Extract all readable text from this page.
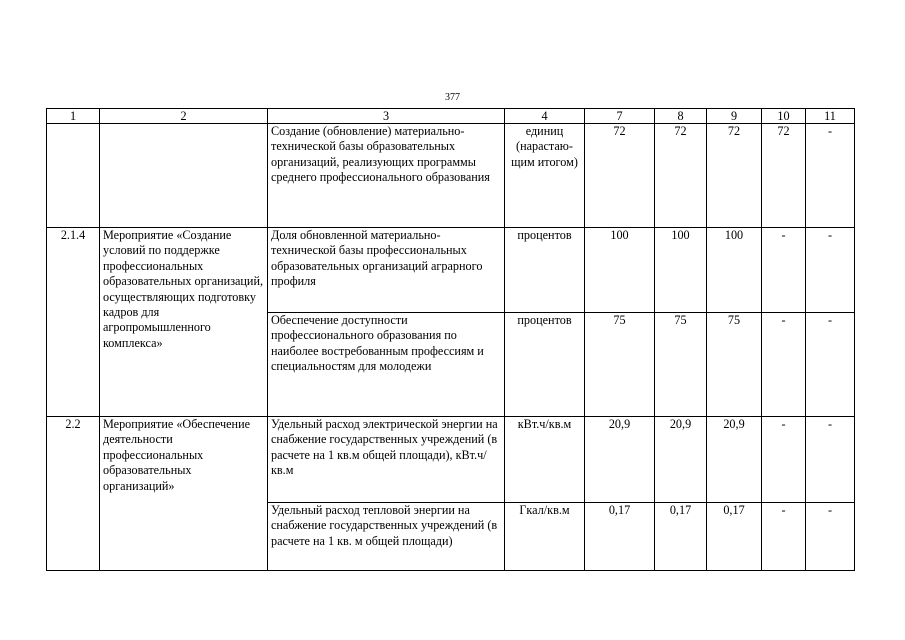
377
1	2	3	4	7	8	9	10	11
		Создание (обновление) материально-технической базы образовательных организаций, реализующих программы среднего профессионального образования	единиц (нарастаю-щим итогом)	72	72	72	72	-
2.1.4	Мероприятие «Создание условий по поддержке профессиональных образовательных организаций, осуществляющих подготовку кадров для агропромышленного комплекса»	Доля обновленной материально-технической базы профессиональных образовательных организаций аграрного профиля	процентов	100	100	100	-	-
		Обеспечение доступности профессионального образования по наиболее востребованным профессиям и специальностям для молодежи	процентов	75	75	75	-	-
2.2	Мероприятие «Обеспечение деятельности профессиональных образовательных организаций»	Удельный расход электрической энергии на снабжение государственных учреждений (в расчете на 1 кв.м общей площади), кВт.ч/кв.м	кВт.ч/кв.м	20,9	20,9	20,9	-	-
		Удельный расход тепловой энергии на снабжение государственных учреждений (в расчете на 1 кв. м общей площади)	Гкал/кв.м	0,17	0,17	0,17	-	-
